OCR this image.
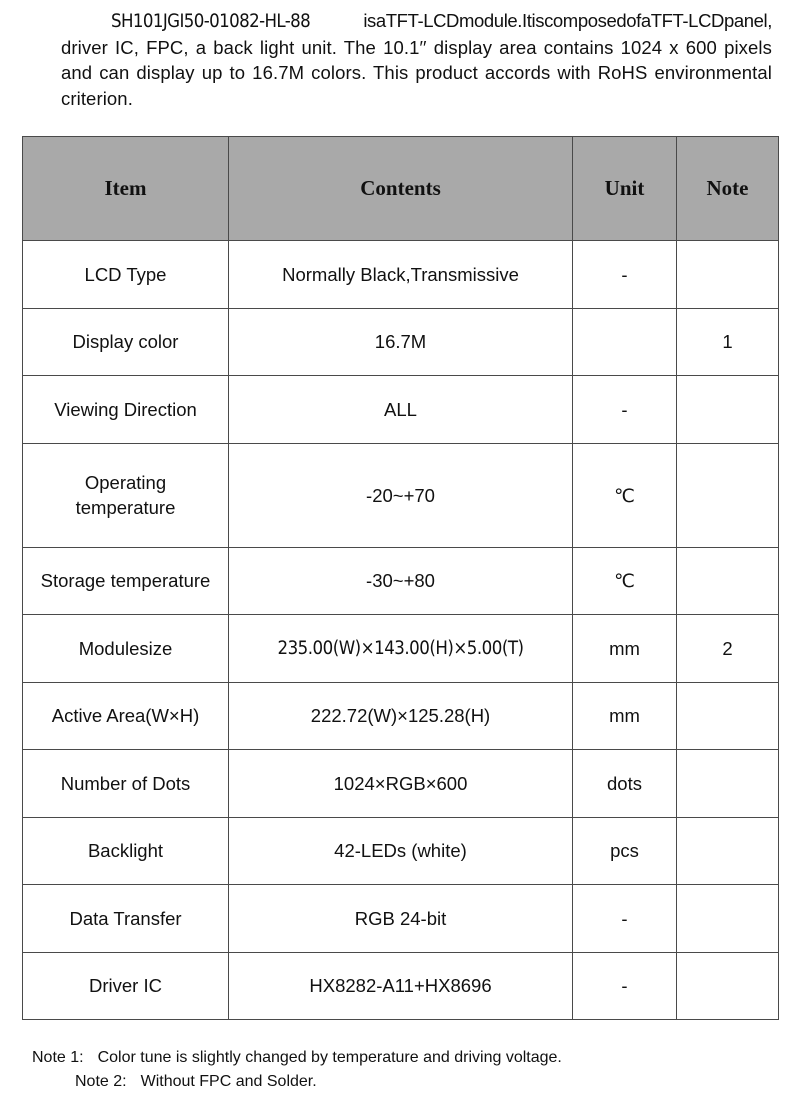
SH101JGI50-01082-HL-88	isaTFT-LCDmodule.ItiscomposedofaTFT-LCDpanel, driver IC, FPC, a back light unit. The 10.1′′ display area contains 1024 x 600 pixels and can display up to 16.7M colors. This product accords with RoHS environmental criterion.
Item	Contents	Unit	Note
LCD Type	Normally Black,Transmissive	-	
Display color	16.7M		1
Viewing Direction	ALL	-	
Operating temperature	-20~+70	℃	
Storage temperature	-30~+80	℃	
Modulesize	235.00(W)×143.00(H)×5.00(T)	mm	2
Active Area(W×H)	222.72(W)×125.28(H)	mm	
Number of Dots	1024×RGB×600	dots	
Backlight	42-LEDs (white)	pcs	
Data Transfer	RGB 24-bit	-	
Driver IC	HX8282-A11+HX8696	-	
Note 1: Color tune is slightly changed by temperature and driving voltage.
Note 2: Without FPC and Solder.
